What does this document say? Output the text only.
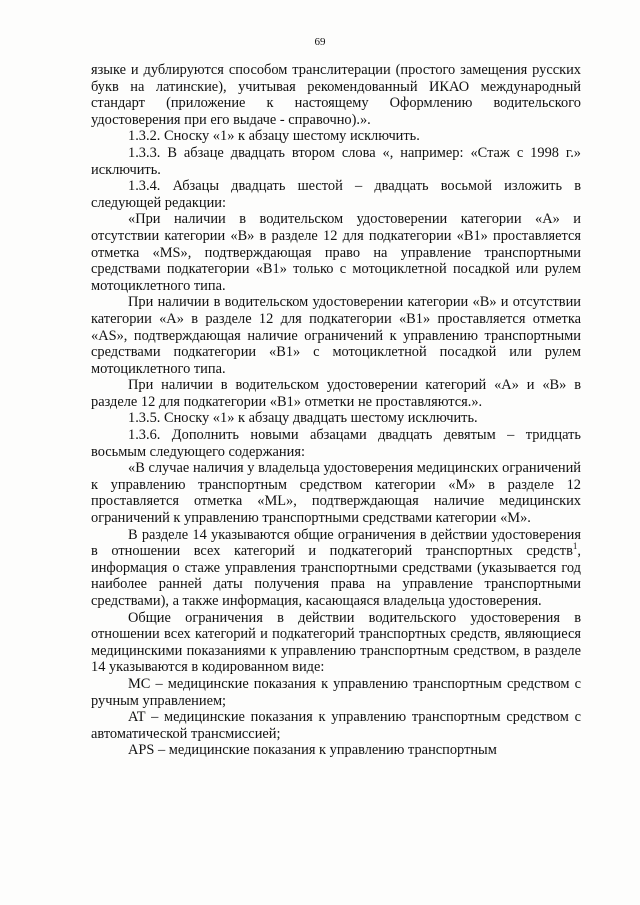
69

языке и дублируются способом транслитерации (простого замещения русских букв на латинские), учитывая рекомендованный ИКАО международный стандарт (приложение к настоящему Оформлению водительского удостоверения при его выдаче - справочно).».

1.3.2. Сноску «1» к абзацу шестому исключить.

1.3.3. В абзаце двадцать втором слова «, например: «Стаж с 1998 г.» исключить.

1.3.4. Абзацы двадцать шестой – двадцать восьмой изложить в следующей редакции:

«При наличии в водительском удостоверении категории «А» и отсутствии категории «В» в разделе 12 для подкатегории «В1» проставляется отметка «MS», подтверждающая право на управление транспортными средствами подкатегории «В1» только с мотоциклетной посадкой или рулем мотоциклетного типа.

При наличии в водительском удостоверении категории «В» и отсутствии категории «А» в разделе 12 для подкатегории «В1» проставляется отметка «AS», подтверждающая наличие ограничений к управлению транспортными средствами подкатегории «В1» с мотоциклетной посадкой или рулем мотоциклетного типа.

При наличии в водительском удостоверении категорий «А» и «В» в разделе 12 для подкатегории «В1» отметки не проставляются.».

1.3.5. Сноску «1» к абзацу двадцать шестому исключить.

1.3.6. Дополнить новыми абзацами двадцать девятым – тридцать восьмым следующего содержания:

«В случае наличия у владельца удостоверения медицинских ограничений к управлению транспортным средством категории «М» в разделе 12 проставляется отметка «ML», подтверждающая наличие медицинских ограничений к управлению транспортными средствами категории «М».

В разделе 14 указываются общие ограничения в действии удостоверения в отношении всех категорий и подкатегорий транспортных средств$^1$, информация о стаже управления транспортными средствами (указывается год наиболее ранней даты получения права на управление транспортными средствами), а также информация, касающаяся владельца удостоверения.

Общие ограничения в действии водительского удостоверения в отношении всех категорий и подкатегорий транспортных средств, являющиеся медицинскими показаниями к управлению транспортным средством, в разделе 14 указываются в кодированном виде:

MC – медицинские показания к управлению транспортным средством с ручным управлением;

AT – медицинские показания к управлению транспортным средством с автоматической трансмиссией;

APS – медицинские показания к управлению транспортным
